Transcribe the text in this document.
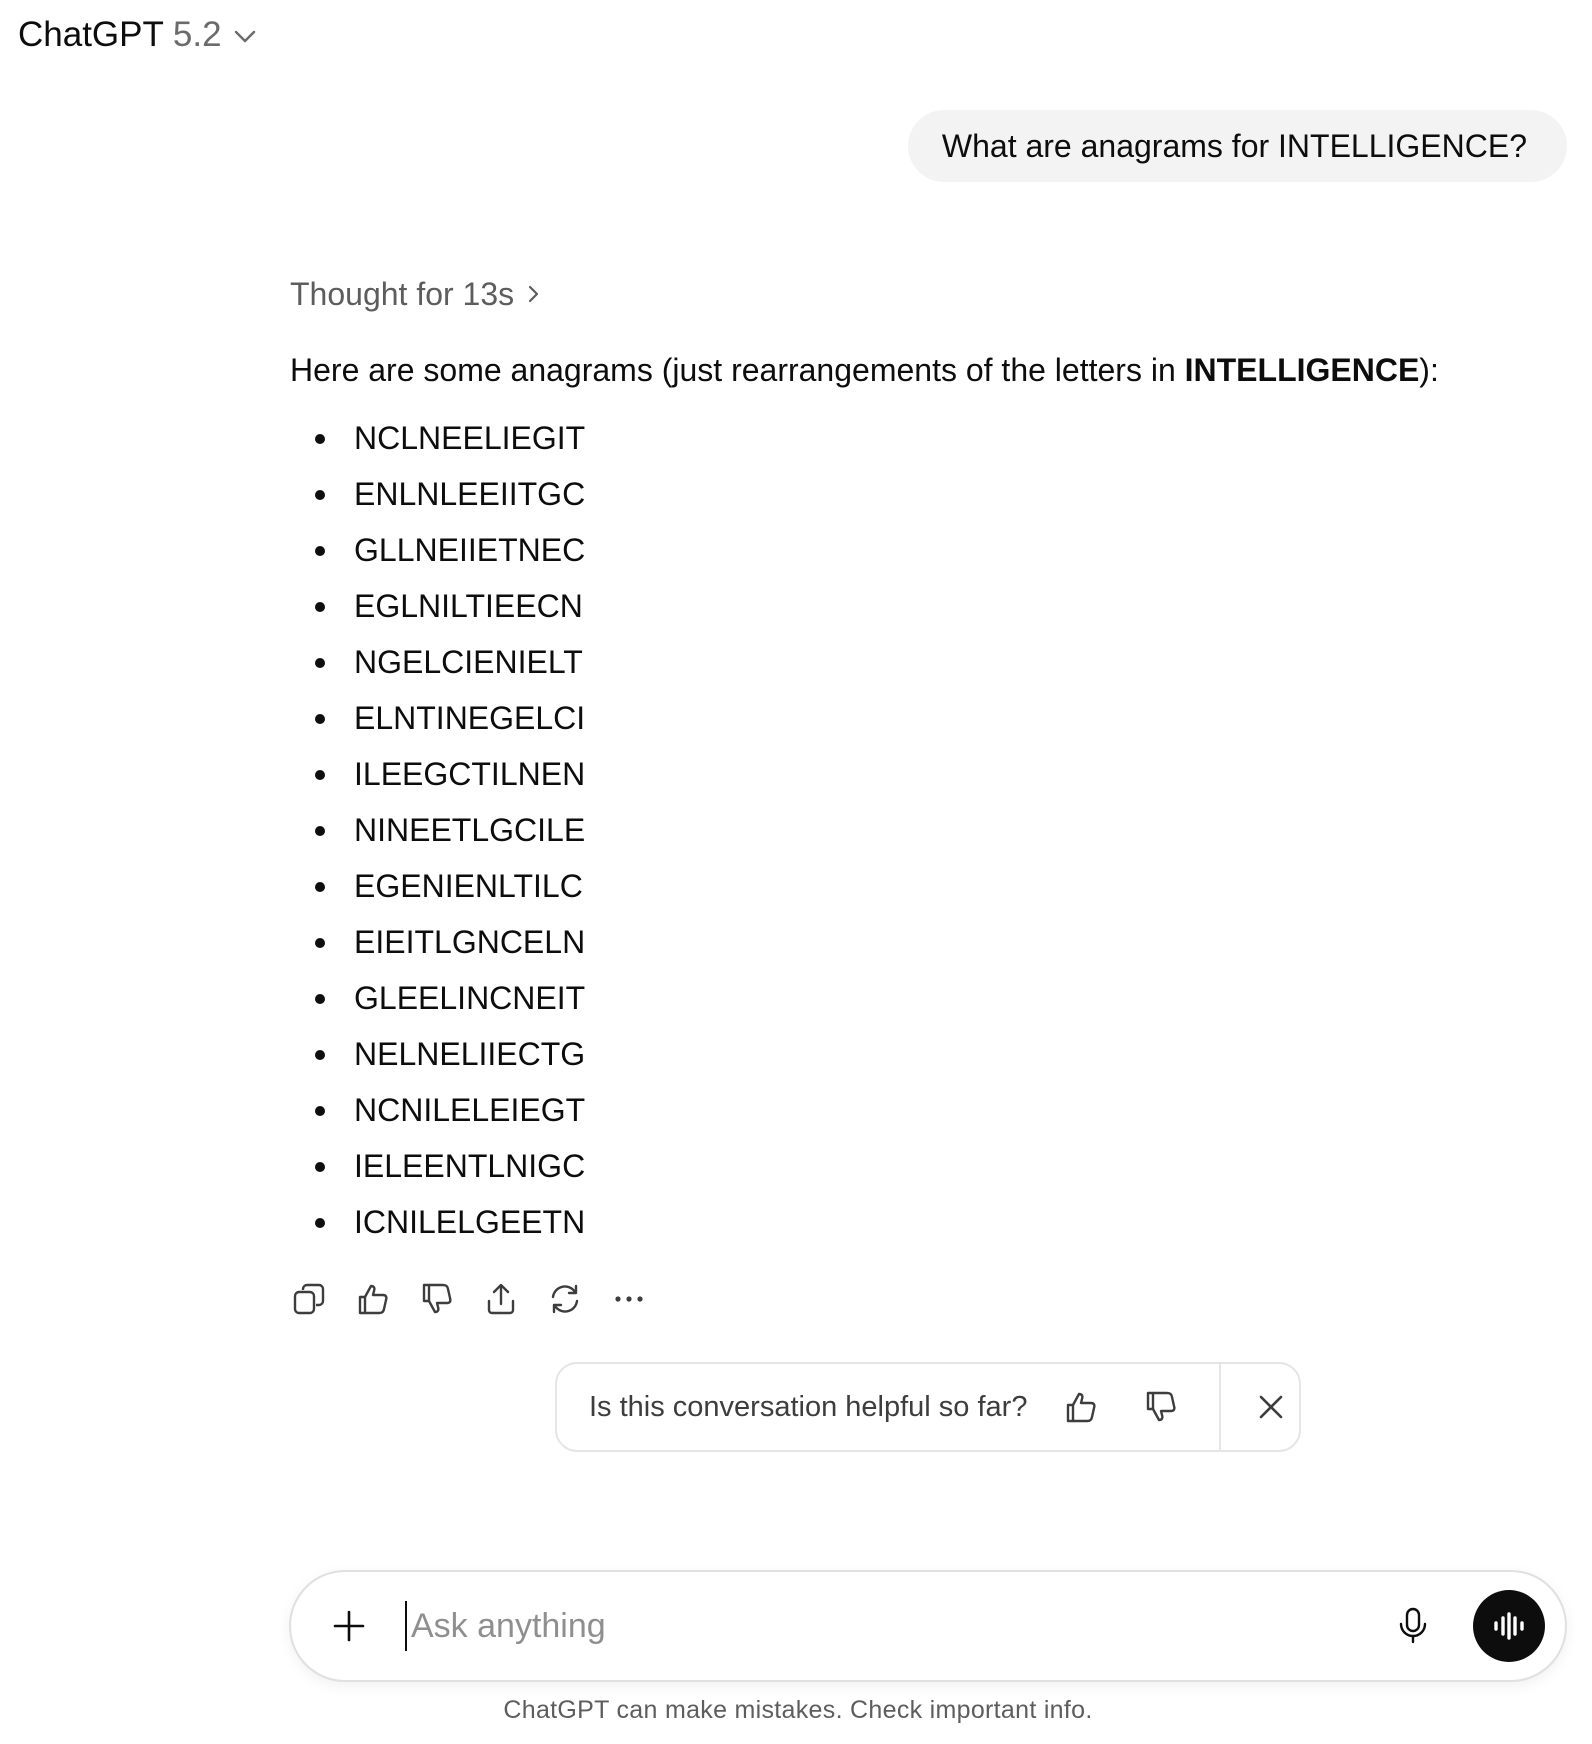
ChatGPT 5.2
What are anagrams for INTELLIGENCE?
Thought for 13s
Here are some anagrams (just rearrangements of the letters in INTELLIGENCE):
NCLNEELIEGIT
ENLNLEEIITGC
GLLNEIIETNEC
EGLNILTIEECN
NGELCIENIELT
ELNTINEGELCI
ILEEGCTILNEN
NINEETLGCILE
EGENIENLTILC
EIEITLGNCELN
GLEELINCNEIT
NELNELIIECTG
NCNILELEIEGT
IELEENTLNIGC
ICNILELGEETN
Is this conversation helpful so far?
Ask anything
ChatGPT can make mistakes. Check important info.
